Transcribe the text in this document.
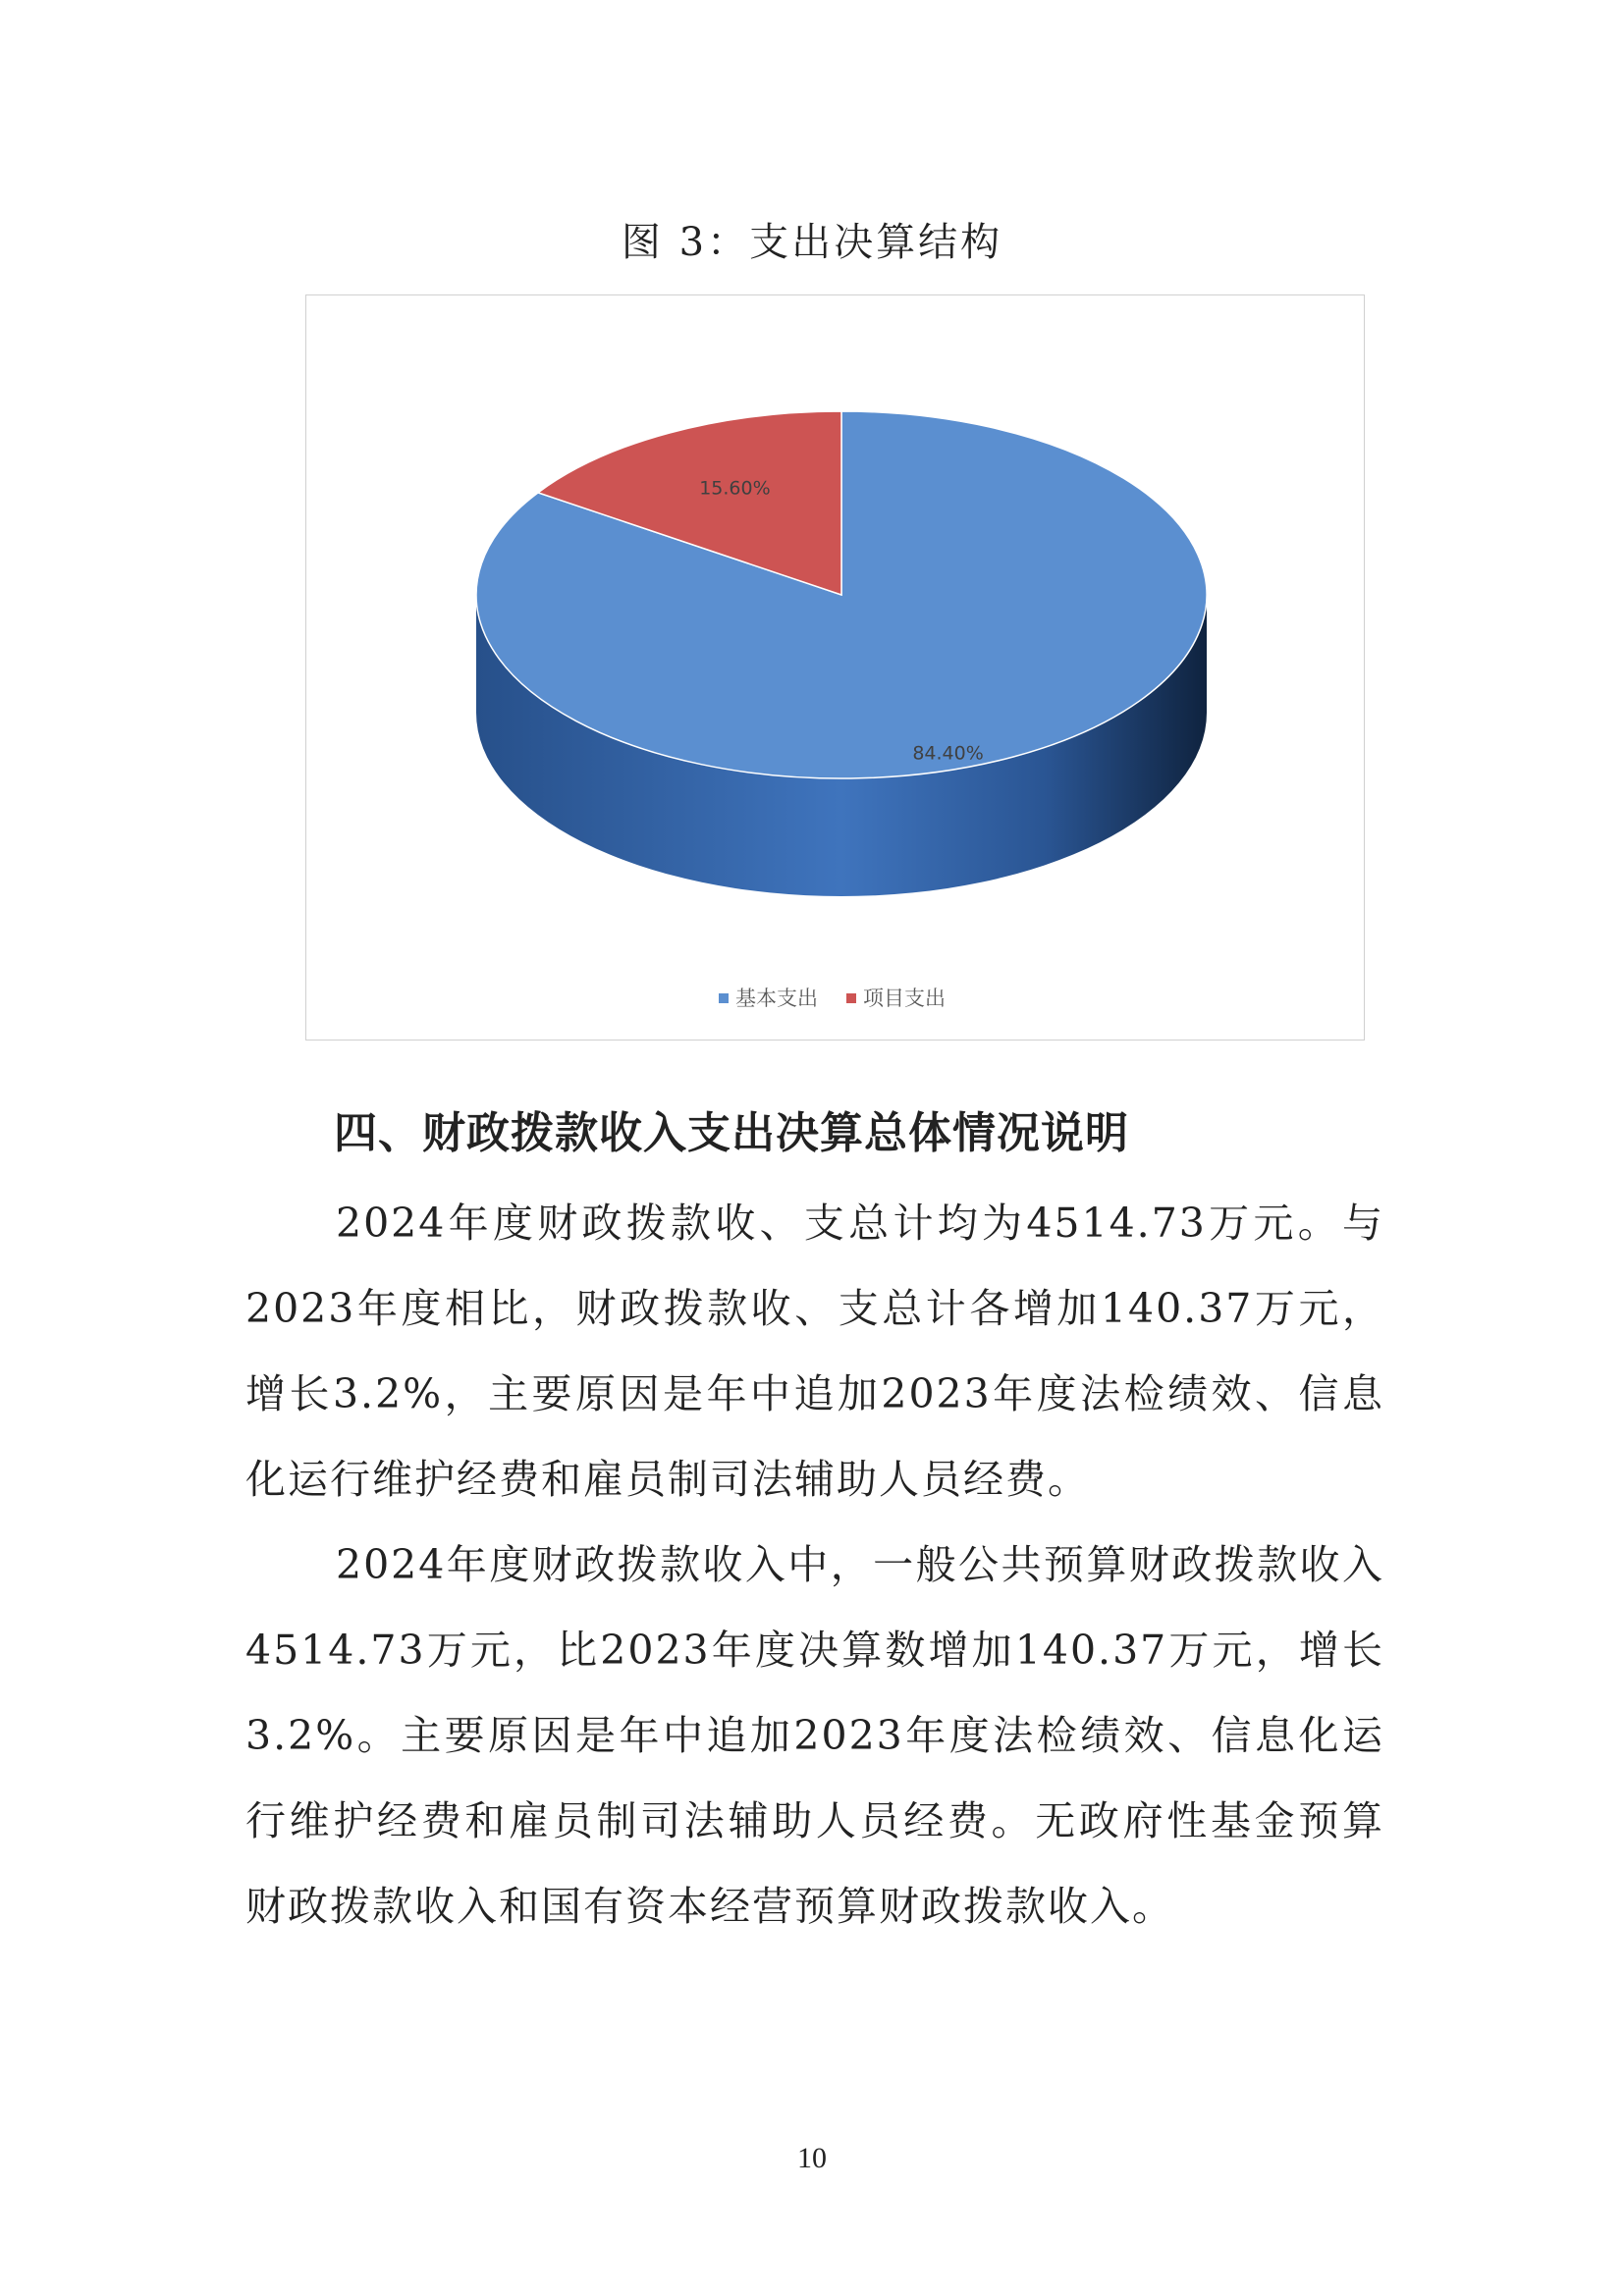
图 3：支出决算结构
84.40%
15.60%
基本支出 项目支出
四、财政拨款收入支出决算总体情况说明

2024年度财政拨款收、支总计均为4514.73万元。与2023年度相比，财政拨款收、支总计各增加140.37万元，增长3.2%，主要原因是年中追加2023年度法检绩效、信息化运行维护经费和雇员制司法辅助人员经费。

2024年度财政拨款收入中，一般公共预算财政拨款收入4514.73万元，比2023年度决算数增加140.37万元，增长3.2%。主要原因是年中追加2023年度法检绩效、信息化运行维护经费和雇员制司法辅助人员经费。无政府性基金预算财政拨款收入和国有资本经营预算财政拨款收入。

10
